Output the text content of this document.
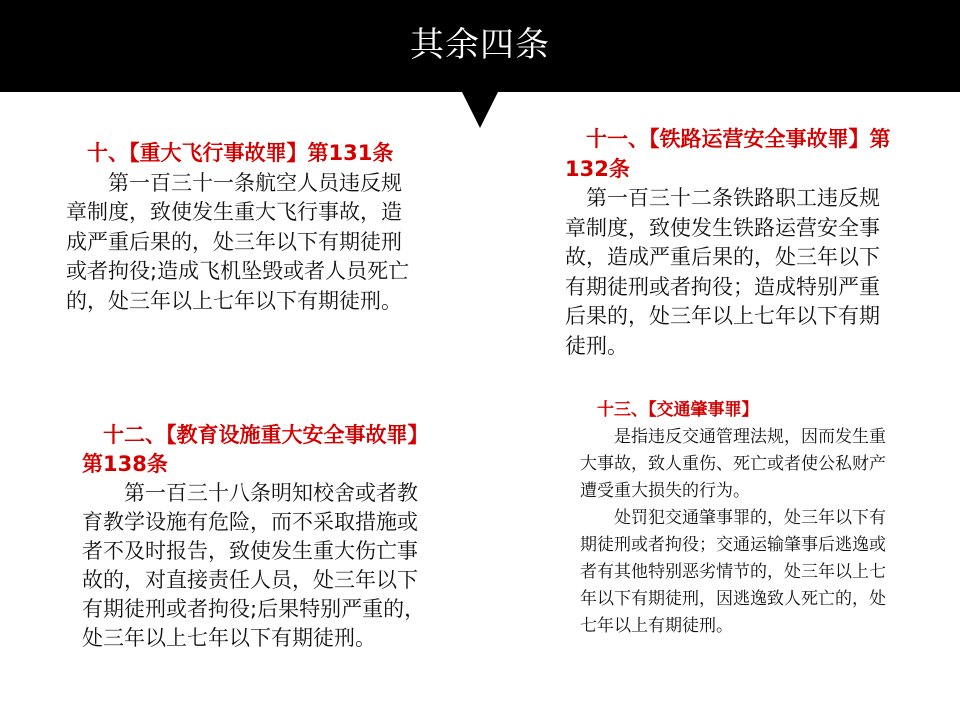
其余四条

　十、【重大飞行事故罪】第131条

　　第一百三十一条航空人员违反规章制度，致使发生重大飞行事故，造成严重后果的，处三年以下有期徒刑或者拘役;造成飞机坠毁或者人员死亡的，处三年以上七年以下有期徒刑。

　十一、【铁路运营安全事故罪】第132条

　第一百三十二条铁路职工违反规章制度，致使发生铁路运营安全事故，造成严重后果的，处三年以下有期徒刑或者拘役；造成特别严重后果的，处三年以上七年以下有期徒刑。

　十二、【教育设施重大安全事故罪】第138条

　　第一百三十八条明知校舍或者教育教学设施有危险，而不采取措施或者不及时报告，致使发生重大伤亡事故的，对直接责任人员，处三年以下有期徒刑或者拘役;后果特别严重的，处三年以上七年以下有期徒刑。

　十三、【交通肇事罪】

　　是指违反交通管理法规，因而发生重大事故，致人重伤、死亡或者使公私财产遭受重大损失的行为。

　　处罚犯交通肇事罪的，处三年以下有期徒刑或者拘役；交通运输肇事后逃逸或者有其他特别恶劣情节的，处三年以上七年以下有期徒刑，因逃逸致人死亡的，处七年以上有期徒刑。
